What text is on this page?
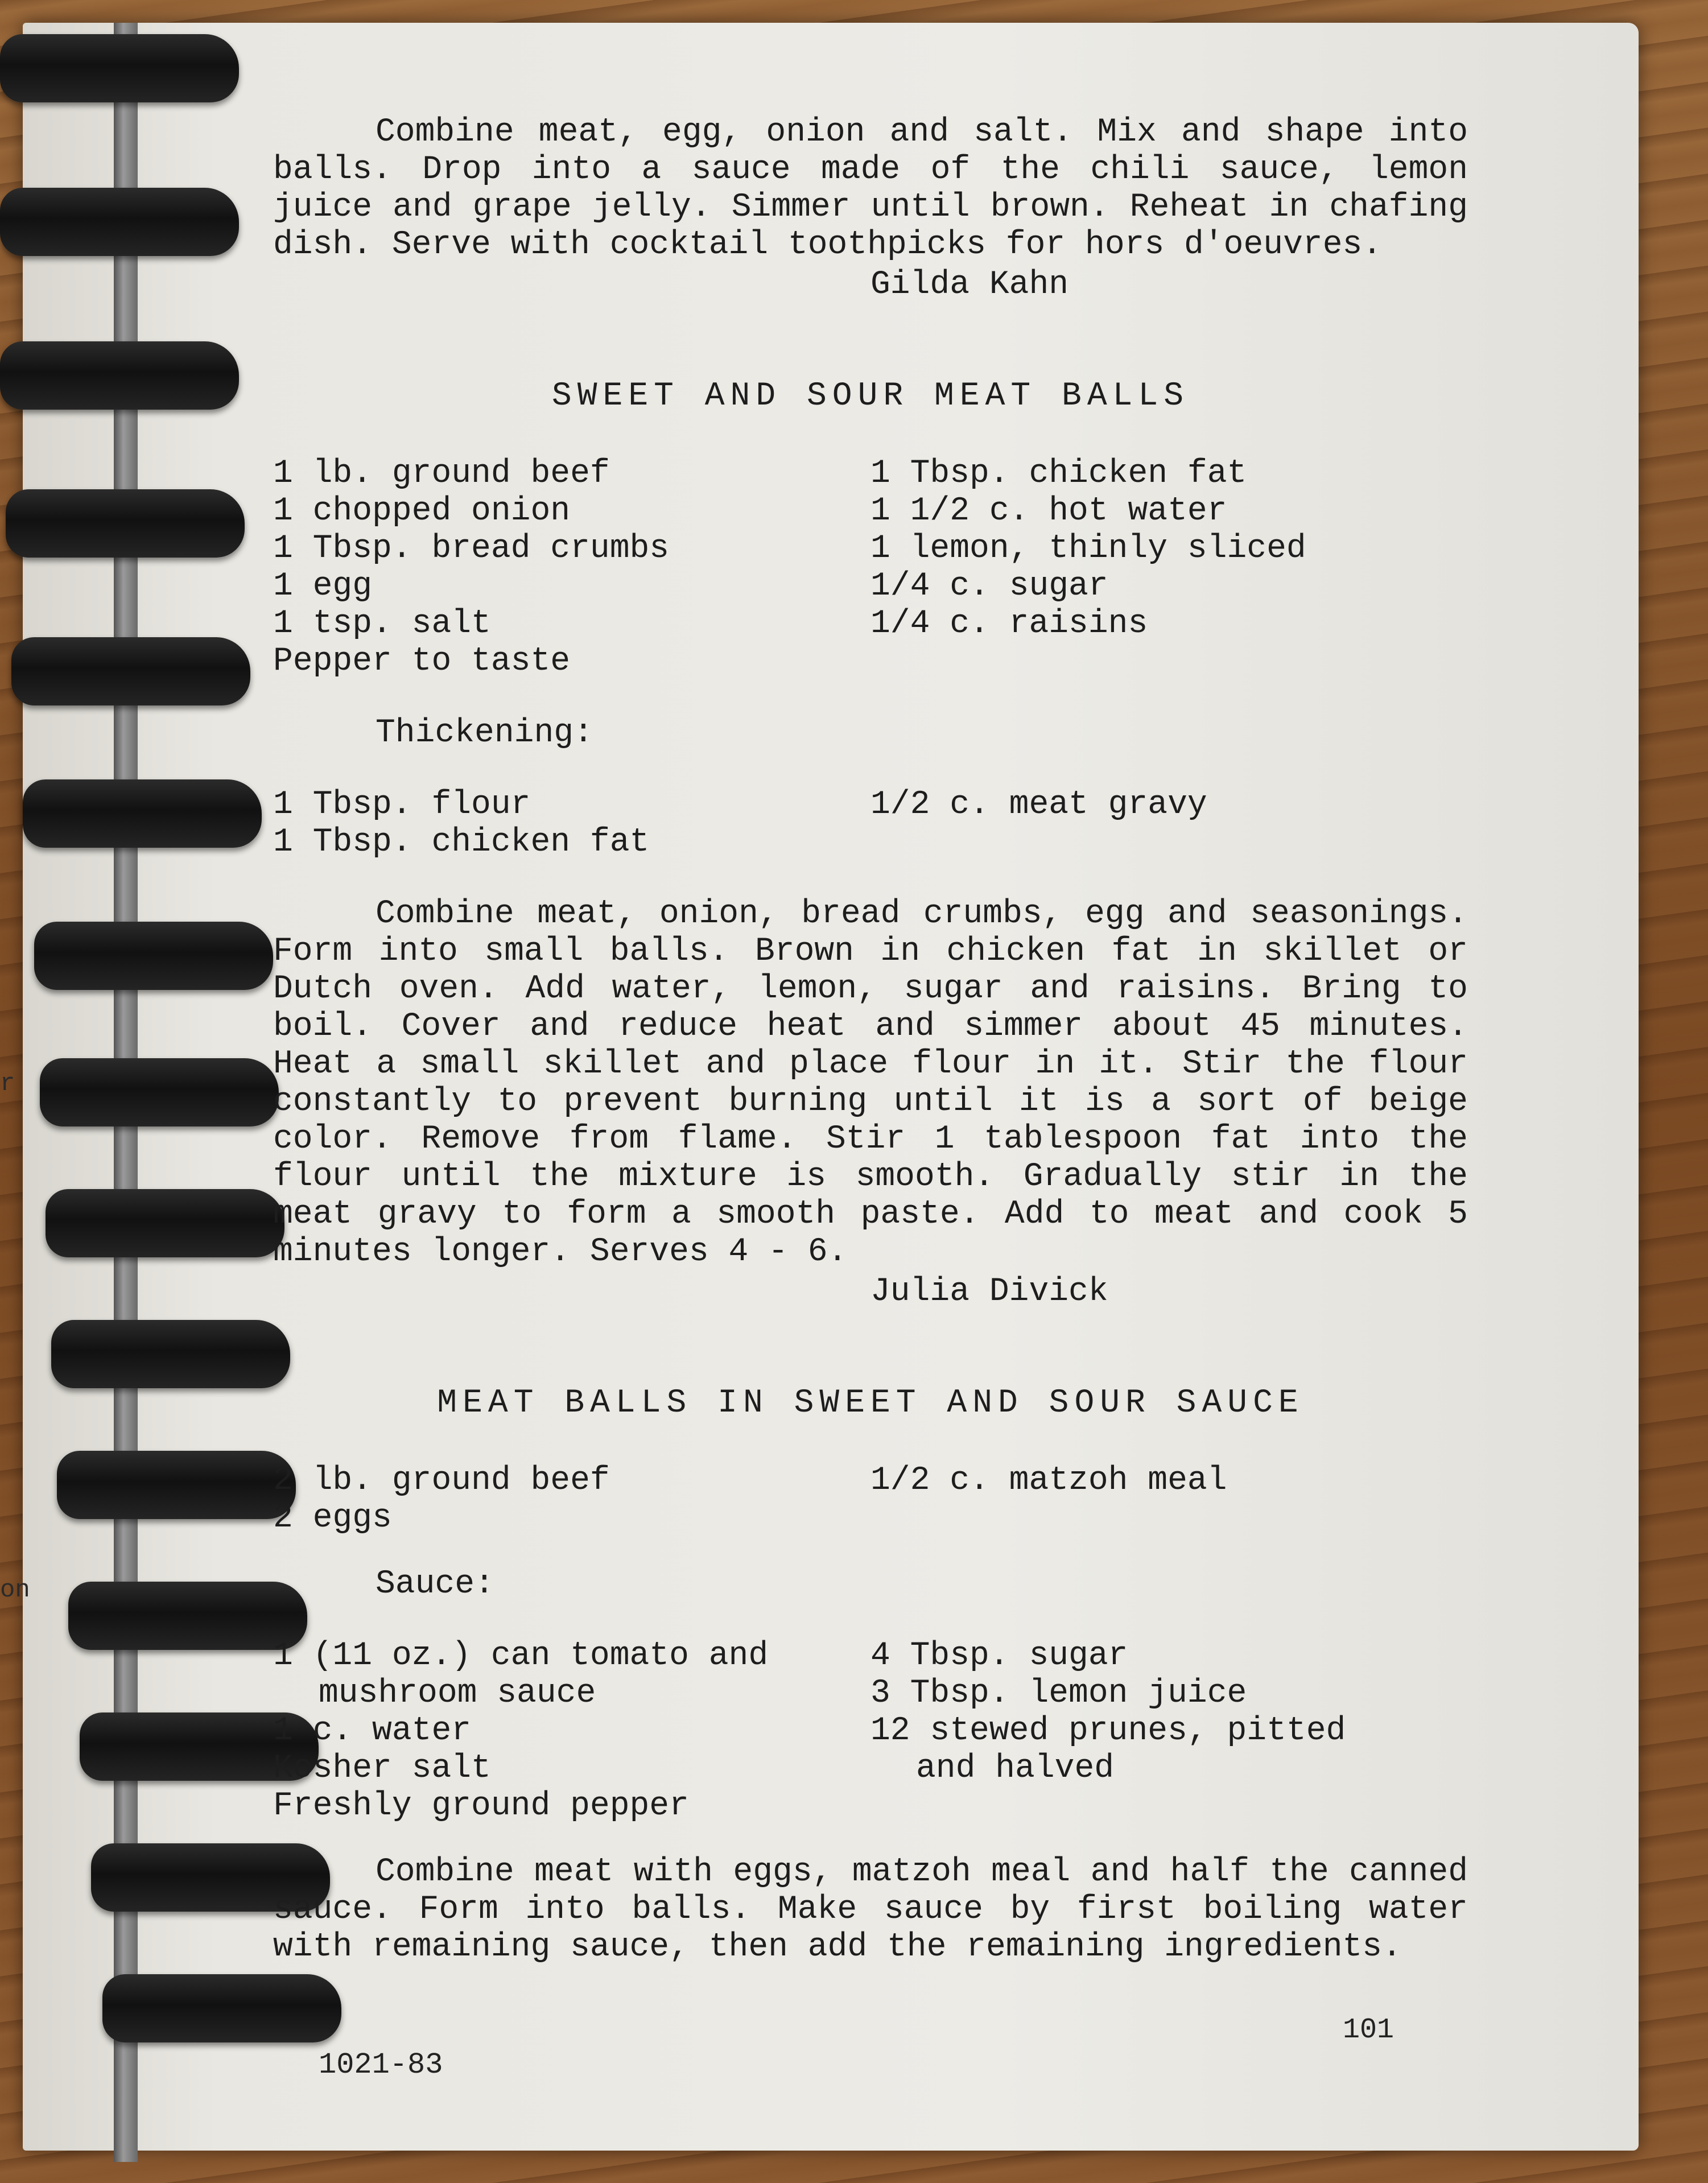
r
on

Combine meat, egg, onion and salt. Mix and shape into balls. Drop into a sauce made of the chili sauce, lemon juice and grape jelly. Simmer until brown. Reheat in chafing dish. Serve with cocktail toothpicks for hors d'oeuvres.

Gilda Kahn

SWEET AND SOUR MEAT BALLS

1 lb. ground beef
1 chopped onion
1 Tbsp. bread crumbs
1 egg
1 tsp. salt
Pepper to taste
1 Tbsp. chicken fat
1 1/2 c. hot water
1 lemon, thinly sliced
1/4 c. sugar
1/4 c. raisins

Thickening:

1 Tbsp. flour
1 Tbsp. chicken fat
1/2 c. meat gravy

Combine meat, onion, bread crumbs, egg and seasonings. Form into small balls. Brown in chicken fat in skillet or Dutch oven. Add water, lemon, sugar and raisins. Bring to boil. Cover and reduce heat and simmer about 45 minutes. Heat a small skillet and place flour in it. Stir the flour constantly to prevent burning until it is a sort of beige color. Remove from flame. Stir 1 tablespoon fat into the flour until the mixture is smooth. Gradually stir in the meat gravy to form a smooth paste. Add to meat and cook 5 minutes longer. Serves 4 - 6.

Julia Divick

MEAT BALLS IN SWEET AND SOUR SAUCE

2 lb. ground beef
2 eggs
1/2 c. matzoh meal

Sauce:

1 (11 oz.) can tomato and
mushroom sauce
1 c. water
Kosher salt
Freshly ground pepper
4 Tbsp. sugar
3 Tbsp. lemon juice
12 stewed prunes, pitted
and halved

Combine meat with eggs, matzoh meal and half the canned sauce. Form into balls. Make sauce by first boiling water with remaining sauce, then add the remaining ingredients.

1021-83
101
